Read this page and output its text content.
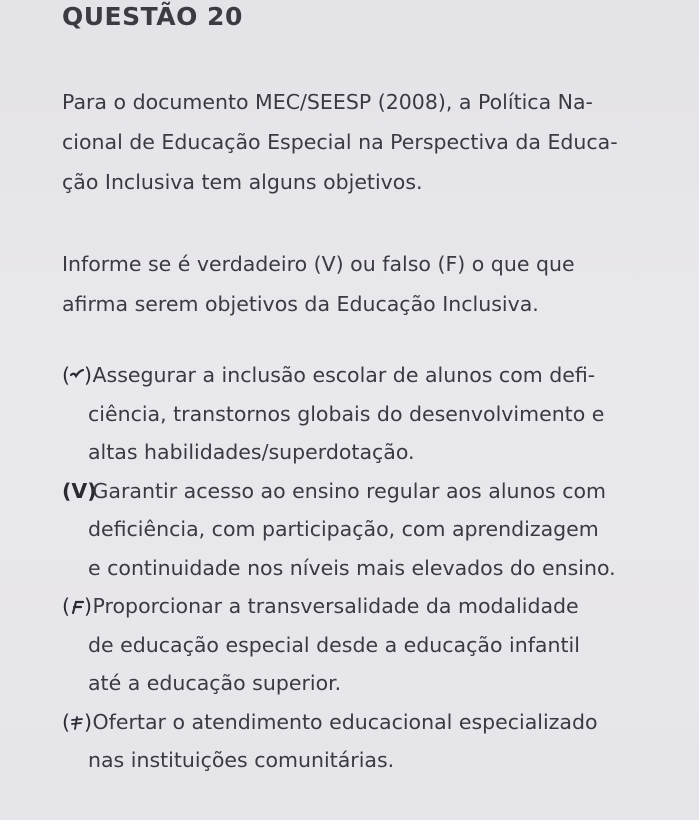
QUESTÃO 20

Para o documento MEC/SEESP (2008), a Política Na-
cional de Educação Especial na Perspectiva da Educa-
ção Inclusiva tem alguns objetivos.

Informe se é verdadeiro (V) ou falso (F) o que que
afirma serem objetivos da Educação Inclusiva.

( ) Assegurar a inclusão escolar de alunos com defi-
ciência, transtornos globais do desenvolvimento e
altas habilidades/superdotação.
(V) Garantir acesso ao ensino regular aos alunos com
deficiência, com participação, com aprendizagem
e continuidade nos níveis mais elevados do ensino.
( ) Proporcionar a transversalidade da modalidade
de educação especial desde a educação infantil
até a educação superior.
( ) Ofertar o atendimento educacional especializado
nas instituições comunitárias.
